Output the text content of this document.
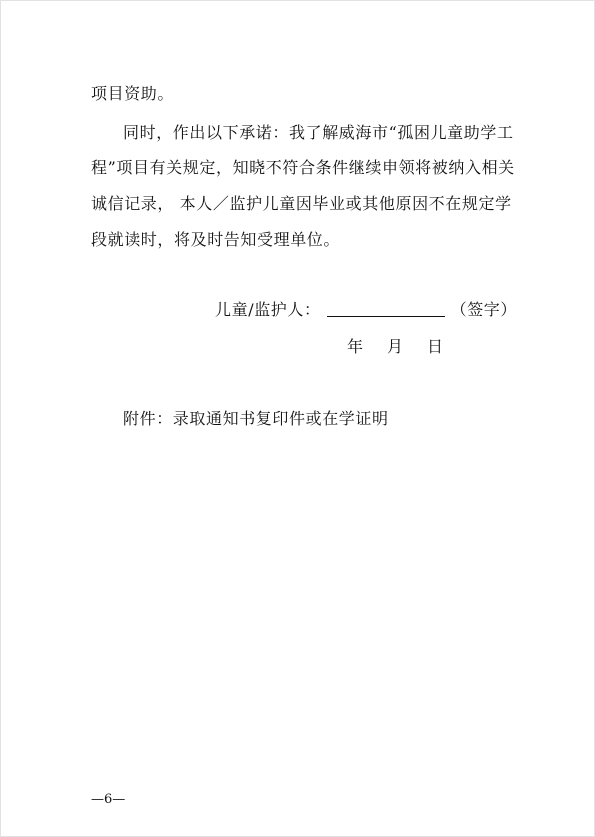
项目资助。
同时，作出以下承诺：我了解威海市“孤困儿童助学工
程”项目有关规定，知晓不符合条件继续申领将被纳入相关
诚信记录， 本人／监护儿童因毕业或其他原因不在规定学
段就读时，将及时告知受理单位。
儿童/监护人：	（签字）
年 月 日
附件：录取通知书复印件或在学证明
—6—
